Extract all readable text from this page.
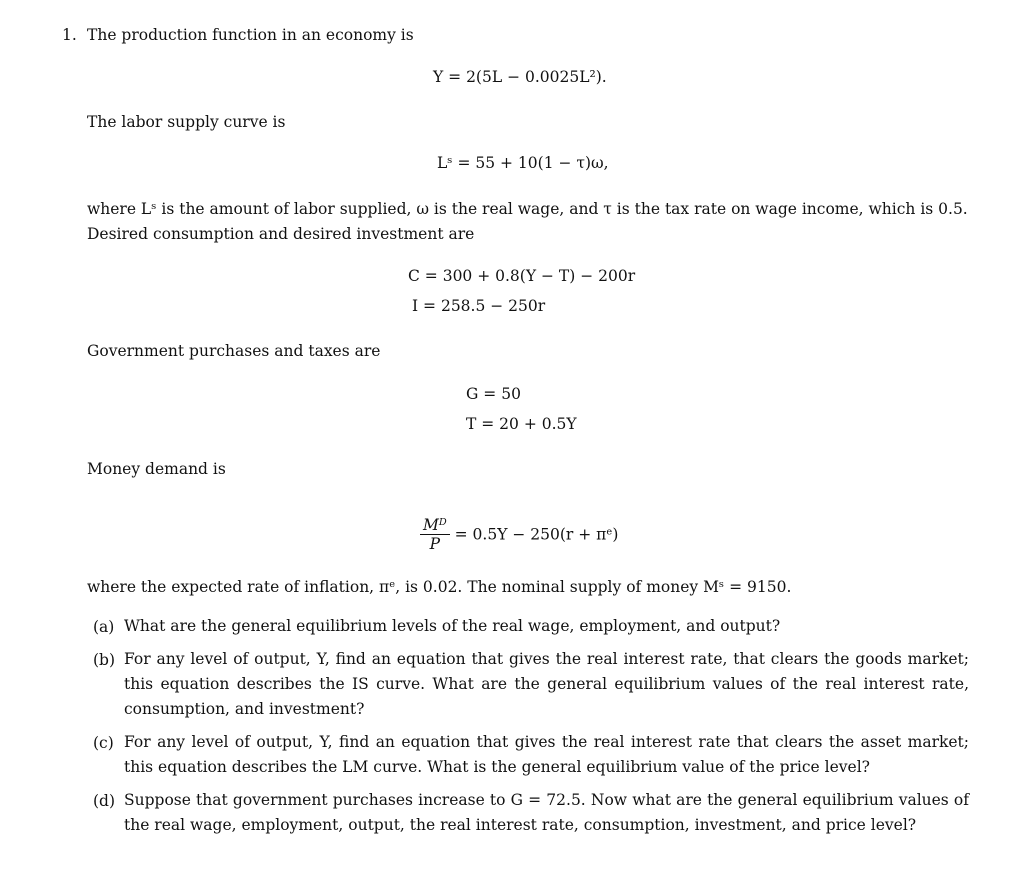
1. The production function in an economy is
Y = 2(5L − 0.0025L²).
The labor supply curve is
Lˢ = 55 + 10(1 − τ)ω,
where Lˢ is the amount of labor supplied, ω is the real wage, and τ is the tax rate on wage income, which is 0.5.
Desired consumption and desired investment are
C = 300 + 0.8(Y − T) − 200r
I = 258.5 − 250r
Government purchases and taxes are
G = 50
T = 20 + 0.5Y
Money demand is
$\frac{\text{Mᴰ}}{P} = 0.5Y - 250(r$ + πᵉ)
where the expected rate of inflation, πᵉ, is 0.02. The nominal supply of money Mˢ = 9150.
(a) What are the general equilibrium levels of the real wage, employment, and output?
(b) For any level of output, Y, find an equation that gives the real interest rate, that clears the goods market; this equation describes the IS curve. What are the general equilibrium values of the real interest rate, consumption, and investment?
(c) For any level of output, Y, find an equation that gives the real interest rate that clears the asset market; this equation describes the LM curve. What is the general equilibrium value of the price level?
(d) Suppose that government purchases increase to G = 72.5. Now what are the general equilibrium values of the real wage, employment, output, the real interest rate, consumption, investment, and price level?
